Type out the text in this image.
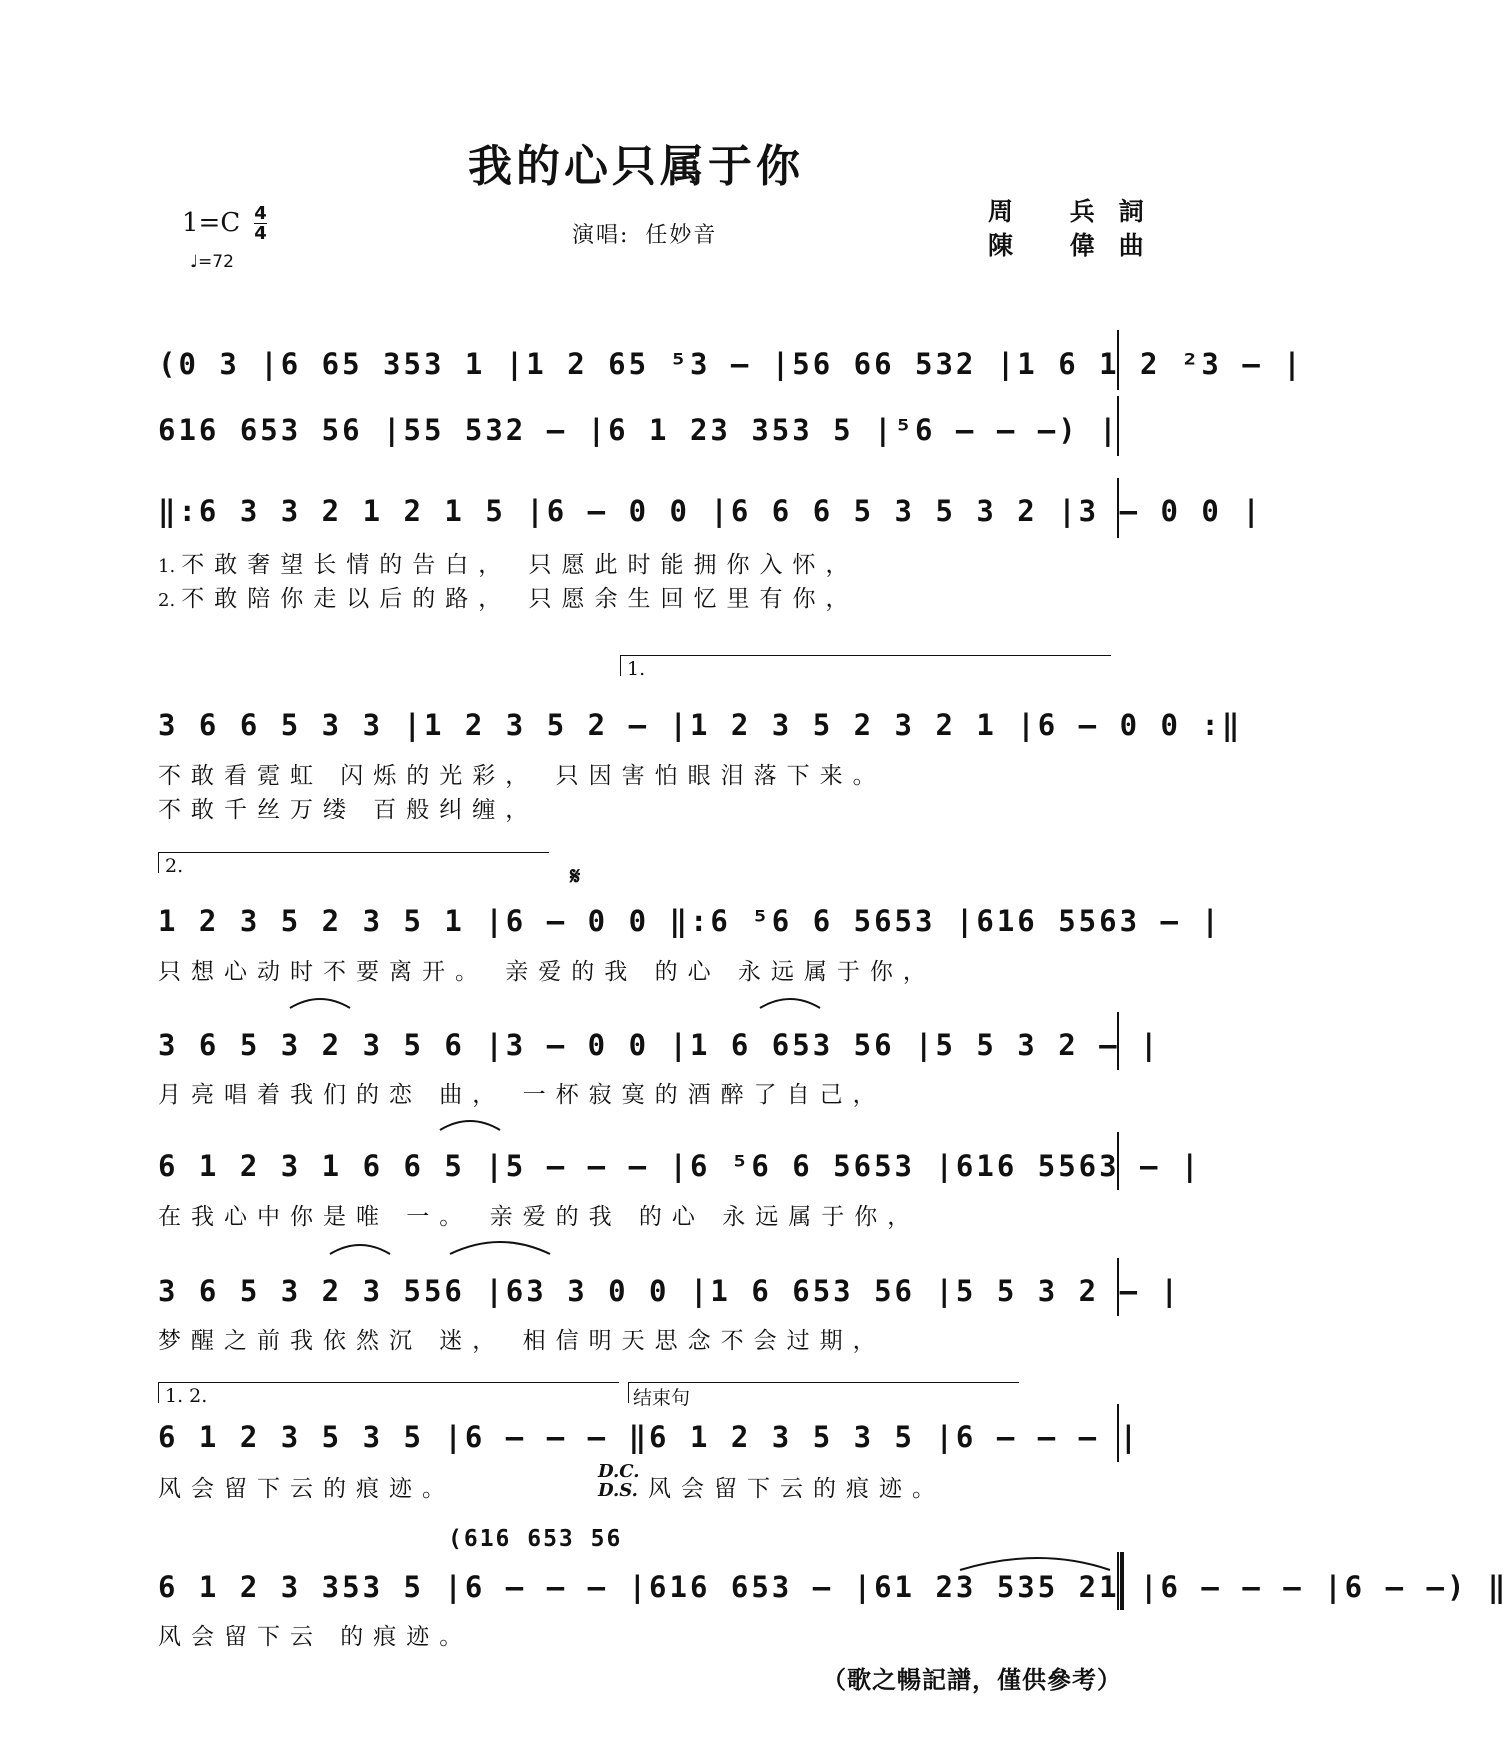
我的心只属于你
周 兵詞
陳 偉曲
1=C 4
4
♩=72
演唱: 任妙音
(0 3 |6 65 353 1 |1 2 65 ⁵3 – |56 66 532 |1 6 1 2 ²3 – |
616 653 56 |55 532 – |6 1 23 353 5 |⁵6 – – –) |
‖:6 3 3 2 1 2 1 5 |6 – 0 0 |6 6 6 5 3 5 3 2 |3 – 0 0 |
1. 不敢奢望长情的告白， 只愿此时能拥你入怀，
2. 不敢陪你走以后的路， 只愿余生回忆里有你，
1.
3 6 6 5 3 3 |1 2 3 5 2 – |1 2 3 5 2 3 2 1 |6 – 0 0 :‖
不敢看霓虹 闪烁的光彩， 只因害怕眼泪落下来。
不敢千丝万缕 百般纠缠，
2.	𝄋
1 2 3 5 2 3 5 1 |6 – 0 0 ‖:6 ⁵6 6 5653 |616 5563 – |
只想心动时不要离开。 亲爱的我 的心 永远属于你，
3 6 5 3 2 3 5 6 |3 – 0 0 |1 6 653 56 |5 5 3 2 – |
月亮唱着我们的恋 曲， 一杯寂寞的酒醉了自己，
6 1 2 3 1 6 6 5 |5 – – – |6 ⁵6 6 5653 |616 5563 – |
在我心中你是唯 一。 亲爱的我 的心 永远属于你，
3 6 5 3 2 3 556 |63 3 0 0 |1 6 653 56 |5 5 3 2 – |
梦醒之前我依然沉 迷， 相信明天思念不会过期，
1. 2.	结束句
6 1 2 3 5 3 5 |6 – – – ‖6 1 2 3 5 3 5 |6 – – – |
风会留下云的痕迹。
D.C.
D.S. 风会留下云的痕迹。
(616 653 56
6 1 2 3 353 5 |6 – – – |616 653 – |61 23 535 21 |6 – – – |6 – –) ‖
风会留下云 的痕迹。
（歌之暢記譜，僅供參考）
